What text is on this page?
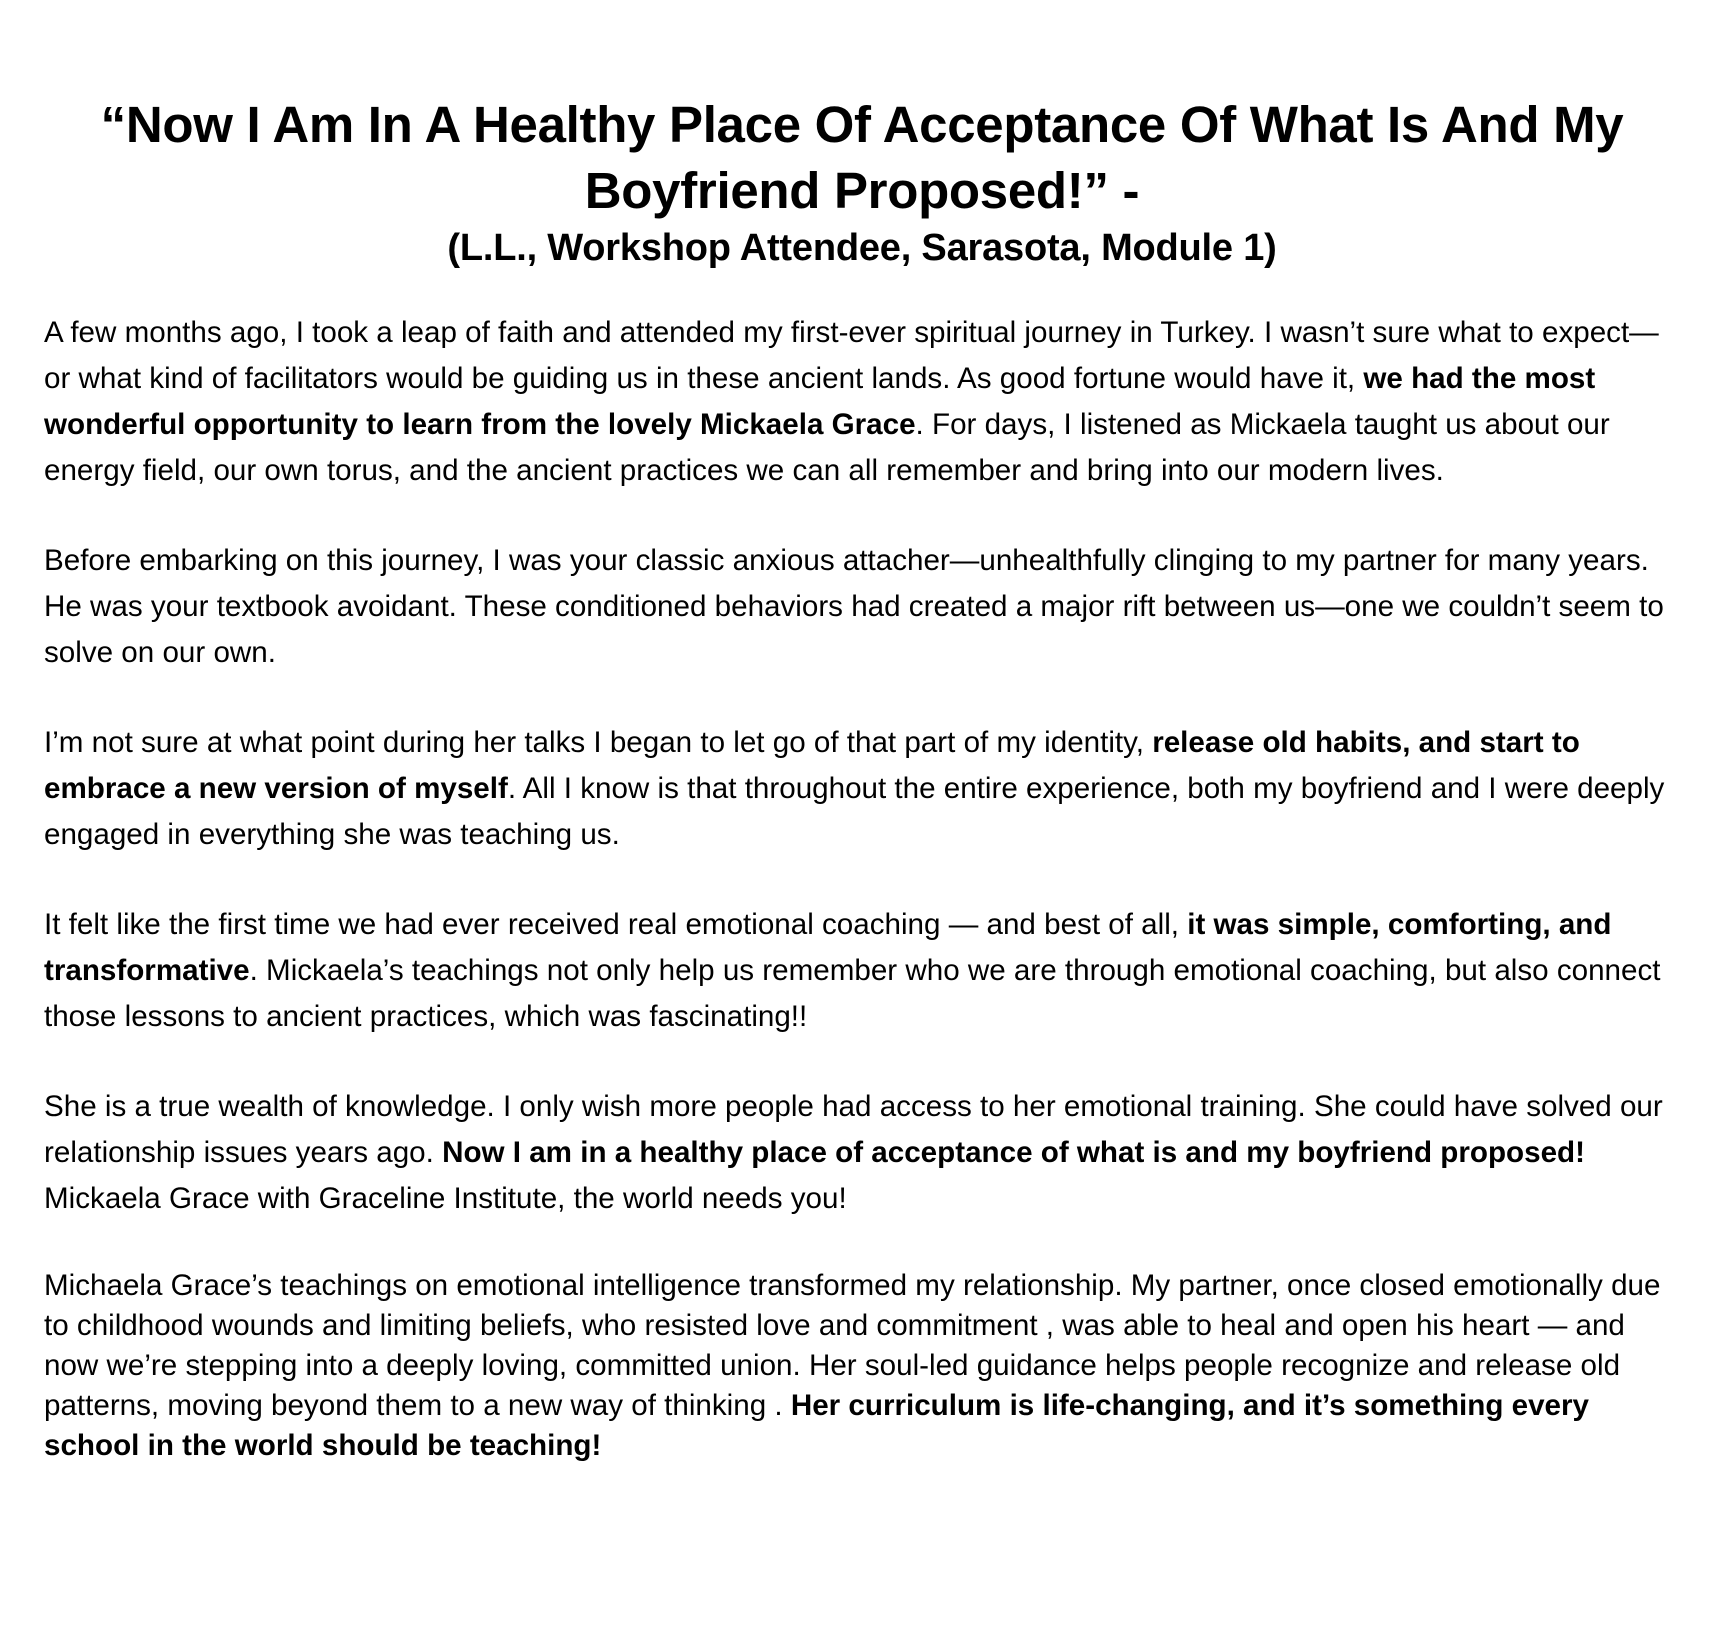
“Now I Am In A Healthy Place Of Acceptance Of What Is And My Boyfriend Proposed!” -
(L.L., Workshop Attendee, Sarasota, Module 1)

A few months ago, I took a leap of faith and attended my first-ever spiritual journey in Turkey. I wasn’t sure what to expect—or what kind of facilitators would be guiding us in these ancient lands. As good fortune would have it, we had the most wonderful opportunity to learn from the lovely Mickaela Grace. For days, I listened as Mickaela taught us about our energy field, our own torus, and the ancient practices we can all remember and bring into our modern lives.

Before embarking on this journey, I was your classic anxious attacher—unhealthfully clinging to my partner for many years. He was your textbook avoidant. These conditioned behaviors had created a major rift between us—one we couldn’t seem to solve on our own.

I’m not sure at what point during her talks I began to let go of that part of my identity, release old habits, and start to embrace a new version of myself. All I know is that throughout the entire experience, both my boyfriend and I were deeply engaged in everything she was teaching us.

It felt like the first time we had ever received real emotional coaching — and best of all, it was simple, comforting, and transformative. Mickaela’s teachings not only help us remember who we are through emotional coaching, but also connect those lessons to ancient practices, which was fascinating!!

She is a true wealth of knowledge. I only wish more people had access to her emotional training. She could have solved our relationship issues years ago. Now I am in a healthy place of acceptance of what is and my boyfriend proposed! Mickaela Grace with Graceline Institute, the world needs you!

Michaela Grace’s teachings on emotional intelligence transformed my relationship. My partner, once closed emotionally due to childhood wounds and limiting beliefs, who resisted love and commitment , was able to heal and open his heart — and now we’re stepping into a deeply loving, committed union. Her soul-led guidance helps people recognize and release old patterns, moving beyond them to a new way of thinking . Her curriculum is life-changing, and it’s something every school in the world should be teaching!
